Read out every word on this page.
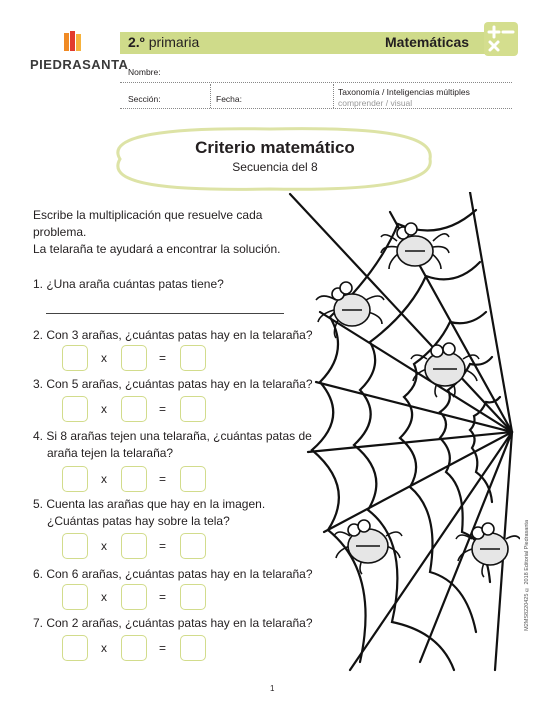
PIEDRASANTA
2.º primaria	Matemáticas
Nombre:
Sección:	Fecha:
Taxonomía / Inteligencias múltiples
comprender / visual
Criterio matemático
Secuencia del 8
Escribe la multiplicación que resuelve cada
problema.
La telaraña te ayudará a encontrar la solución.
1. ¿Una araña cuántas patas tiene?
2. Con 3 arañas, ¿cuántas patas hay en la telaraña?
x	=
3. Con 5 arañas, ¿cuántas patas hay en la telaraña?
x	=
4. Si 8 arañas tejen una telaraña, ¿cuántas patas de
araña tejen la telaraña?
x	=
5. Cuenta las arañas que hay en la imagen.
¿Cuántas patas hay sobre la tela?
x	=
6. Con 6 arañas, ¿cuántas patas hay en la telaraña?
x	=
7. Con 2 arañas, ¿cuántas patas hay en la telaraña?
x	=
M2MS8220425 © 2018 Editorial Piedrasanta
1
